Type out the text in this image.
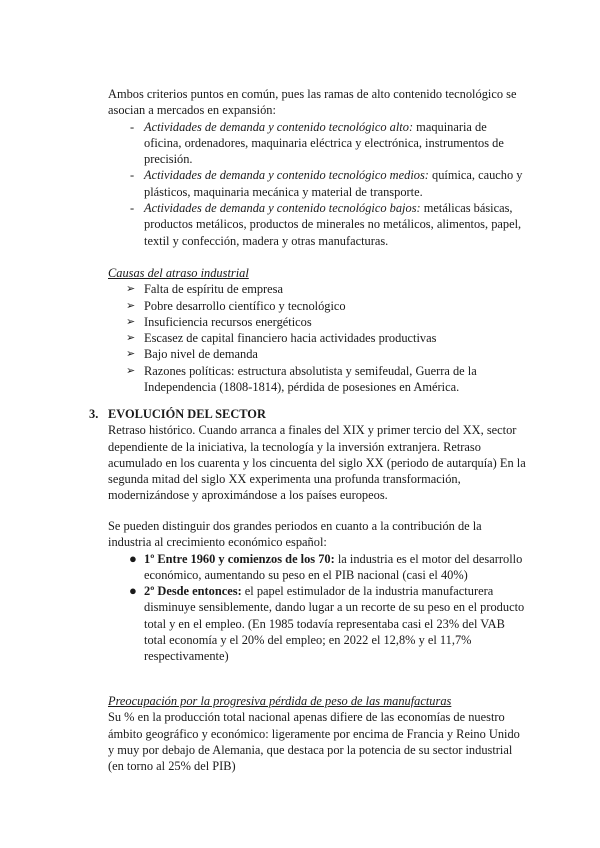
Ambos criterios puntos en común, pues las ramas de alto contenido tecnológico se asocian a mercados en expansión:
- Actividades de demanda y contenido tecnológico alto: maquinaria de oficina, ordenadores, maquinaria eléctrica y electrónica, instrumentos de precisión.
- Actividades de demanda y contenido tecnológico medios: química, caucho y plásticos, maquinaria mecánica y material de transporte.
- Actividades de demanda y contenido tecnológico bajos: metálicas básicas, productos metálicos, productos de minerales no metálicos, alimentos, papel, textil y confección, madera y otras manufacturas.
Causas del atraso industrial
➢ Falta de espíritu de empresa
➢ Pobre desarrollo científico y tecnológico
➢ Insuficiencia recursos energéticos
➢ Escasez de capital financiero hacia actividades productivas
➢ Bajo nivel de demanda
➢ Razones políticas: estructura absolutista y semifeudal, Guerra de la Independencia (1808-1814), pérdida de posesiones en América.
3. EVOLUCIÓN DEL SECTOR
Retraso histórico. Cuando arranca a finales del XIX y primer tercio del XX, sector dependiente de la iniciativa, la tecnología y la inversión extranjera. Retraso acumulado en los cuarenta y los cincuenta del siglo XX (periodo de autarquía) En la segunda mitad del siglo XX experimenta una profunda transformación, modernizándose y aproximándose a los países europeos.
Se pueden distinguir dos grandes periodos en cuanto a la contribución de la industria al crecimiento económico español:
● 1º Entre 1960 y comienzos de los 70: la industria es el motor del desarrollo económico, aumentando su peso en el PIB nacional (casi el 40%)
● 2º Desde entonces: el papel estimulador de la industria manufacturera disminuye sensiblemente, dando lugar a un recorte de su peso en el producto total y en el empleo. (En 1985 todavía representaba casi el 23% del VAB total economía y el 20% del empleo; en 2022 el 12,8% y el 11,7% respectivamente)
Preocupación por la progresiva pérdida de peso de las manufacturas
Su % en la producción total nacional apenas difiere de las economías de nuestro ámbito geográfico y económico: ligeramente por encima de Francia y Reino Unido y muy por debajo de Alemania, que destaca por la potencia de su sector industrial (en torno al 25% del PIB)
